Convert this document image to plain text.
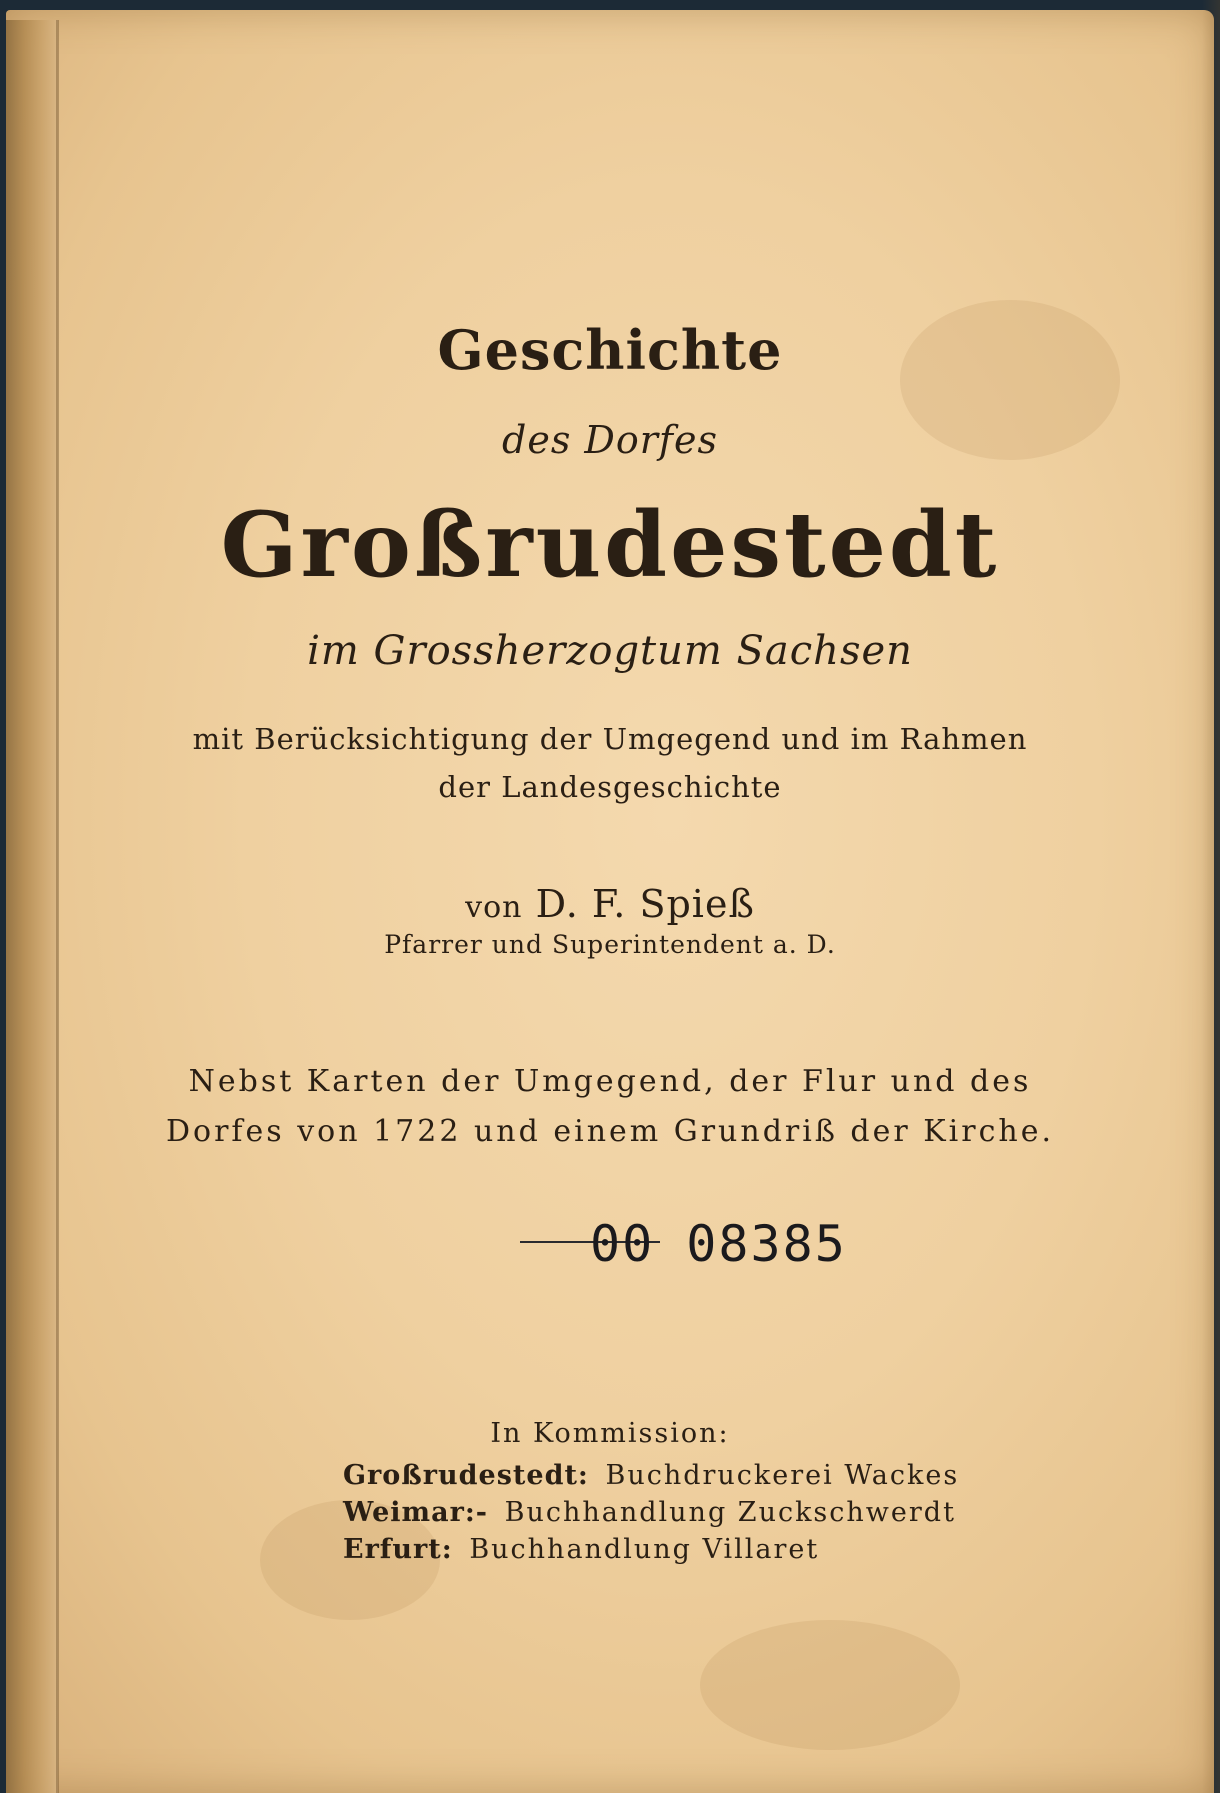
Geschichte
des Dorfes
Großrudestedt
im Grossherzogtum Sachsen
mit Berücksichtigung der Umgegend und im Rahmen
der Landesgeschichte
von D. F. Spieß
Pfarrer und Superintendent a. D.
Nebst Karten der Umgegend, der Flur und des
Dorfes von 1722 und einem Grundriß der Kirche.
00 08385
In Kommission:
Großrudestedt: Buchdruckerei Wackes
Weimar:- Buchhandlung Zuckschwerdt
Erfurt: Buchhandlung Villaret
